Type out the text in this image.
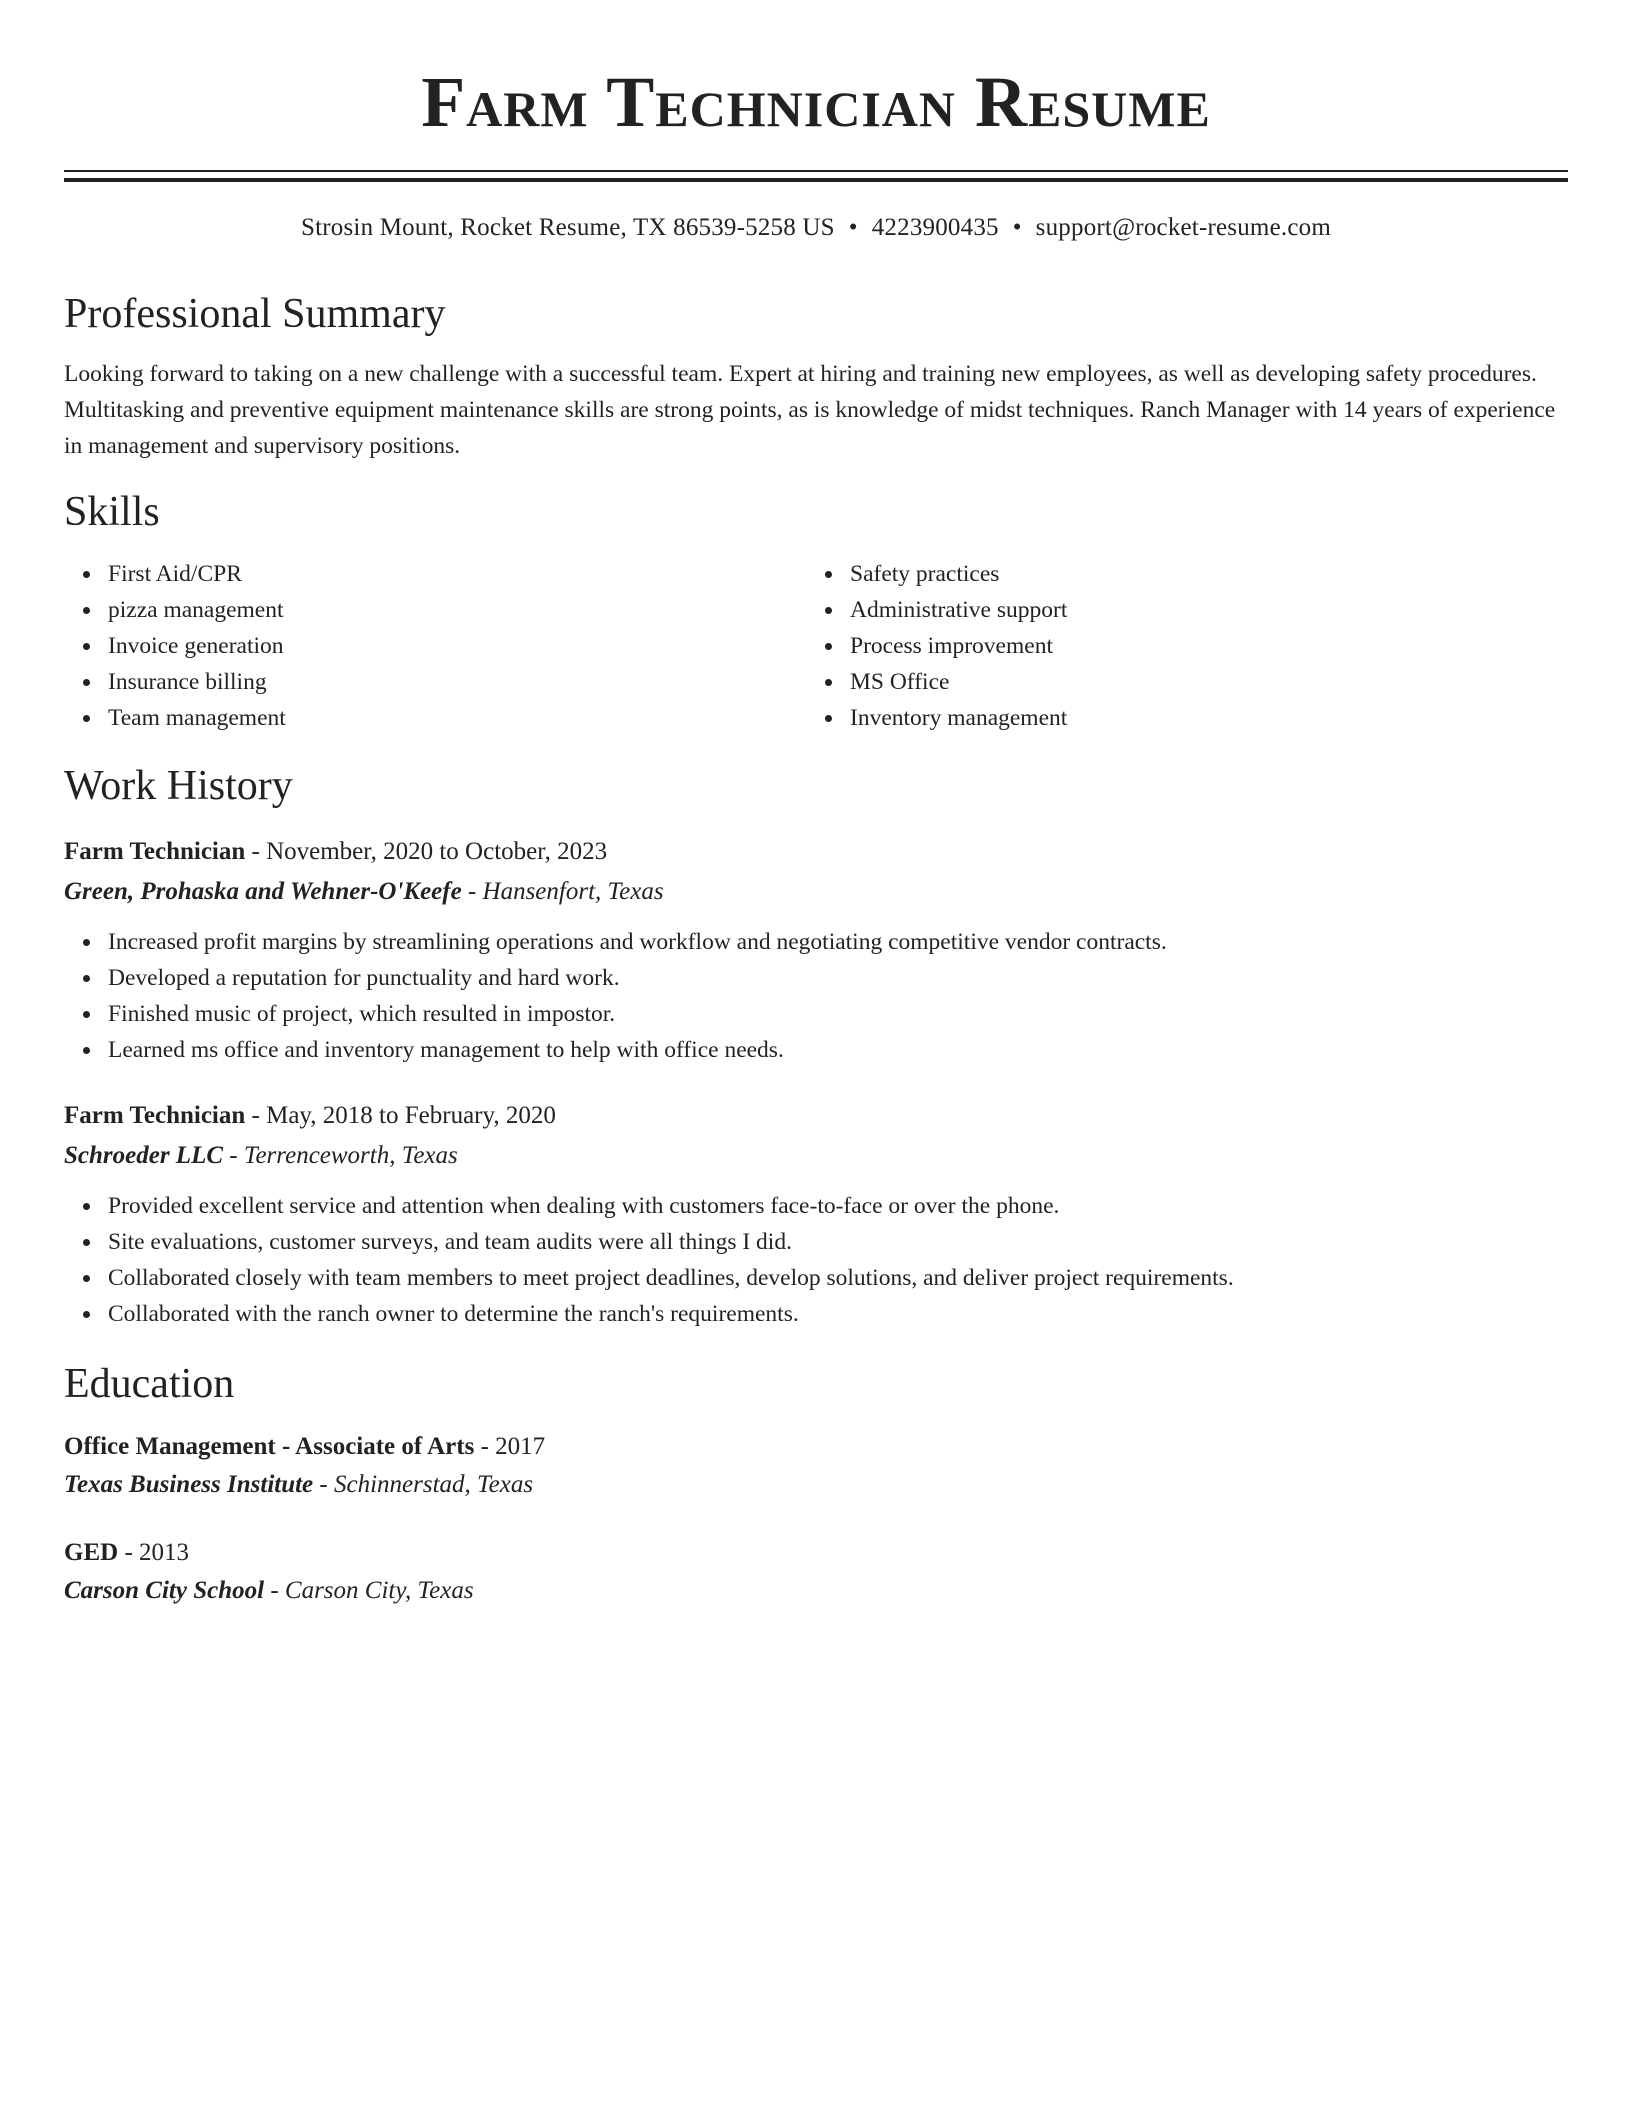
Farm Technician Resume
Strosin Mount, Rocket Resume, TX 86539-5258 US • 4223900435 • support@rocket-resume.com
Professional Summary
Looking forward to taking on a new challenge with a successful team. Expert at hiring and training new employees, as well as developing safety procedures. Multitasking and preventive equipment maintenance skills are strong points, as is knowledge of midst techniques. Ranch Manager with 14 years of experience in management and supervisory positions.
Skills
First Aid/CPR
pizza management
Invoice generation
Insurance billing
Team management
Safety practices
Administrative support
Process improvement
MS Office
Inventory management
Work History
Farm Technician - November, 2020 to October, 2023
Green, Prohaska and Wehner-O'Keefe - Hansenfort, Texas
Increased profit margins by streamlining operations and workflow and negotiating competitive vendor contracts.
Developed a reputation for punctuality and hard work.
Finished music of project, which resulted in impostor.
Learned ms office and inventory management to help with office needs.
Farm Technician - May, 2018 to February, 2020
Schroeder LLC - Terrenceworth, Texas
Provided excellent service and attention when dealing with customers face-to-face or over the phone.
Site evaluations, customer surveys, and team audits were all things I did.
Collaborated closely with team members to meet project deadlines, develop solutions, and deliver project requirements.
Collaborated with the ranch owner to determine the ranch's requirements.
Education
Office Management - Associate of Arts - 2017
Texas Business Institute - Schinnerstad, Texas
GED - 2013
Carson City School - Carson City, Texas
